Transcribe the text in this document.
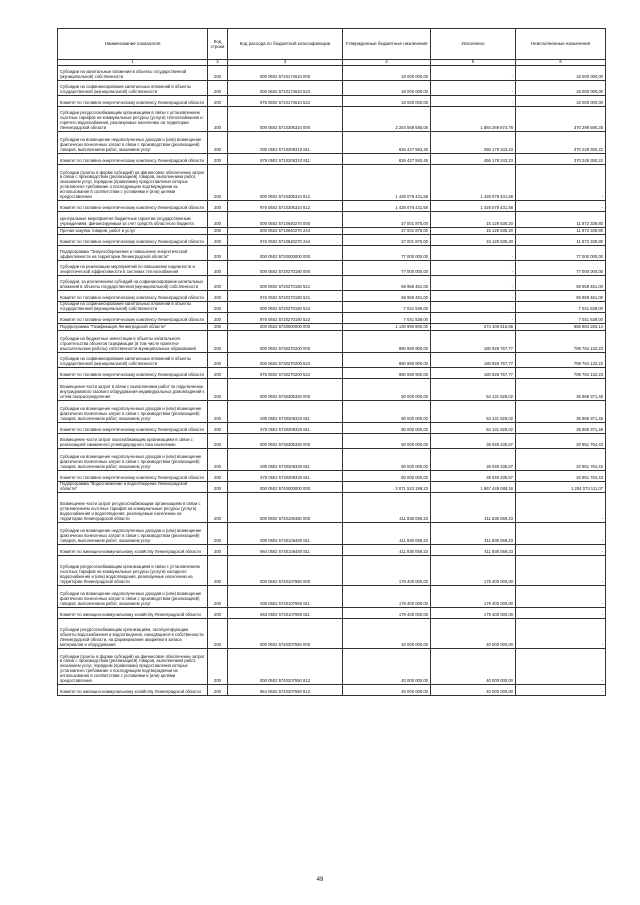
Наименование показателя	Код строки	Код расхода по бюджетной классификации	Утвержденные бюджетные назначения	Исполнено	Неисполненные назначения
1	2	3	4	5	6
Субсидии на капитальные вложения в объекты государственной (муниципальной) собственности	200	000 0502 5710174610 000	18 000 000,00	-	18 000 000,00
Субсидии на софинансирование капитальных вложений в объекты государственной (муниципальной) собственности	200	000 0502 5710174610 522	18 000 000,00	-	18 000 000,00
Комитет по топливно-энергетическому комплексу Ленинградской области	200	976 0502 5710174610 522	18 000 000,00	-	18 000 000,00
Субсидии ресурсоснабжающим организациям в связи с установлением льготных тарифов на коммунальные ресурсы (услуги) теплоснабжения и горячего водоснабжения, реализуемые населению на территории Ленинградской области	200	000 0502 5710306310 000	2 254 568 585,06	1 884 269 874,78	370 298 690,28
Субсидии на возмещение недополученных доходов и (или) возмещение фактически понесенных затрат в связи с производством (реализацией) товаров, выполнением работ, оказанием услуг	200	000 0502 5710306310 811	826 427 593,45	456 178 243,23	370 249 350,22
Комитет по топливно-энергетическому комплексу Ленинградской области	200	976 0502 5710306310 811	826 427 593,45	456 178 243,23	370 249 350,22
Субсидии (гранты в форме субсидий) на финансовое обеспечение затрат в связи с производством (реализацией) товаров, выполнением работ, оказанием услуг, порядком (правилами) предоставления которых установлено требование о последующем подтверждении их использования в соответствии с условиями и (или) целями предоставления	200	000 0502 5710306310 812	1 428 078 431,58	1 428 078 431,58	-
Комитет по топливно-энергетическому комплексу Ленинградской области	200	976 0502 5710306310 812	1 428 078 431,58	1 428 078 431,58	-
Центральные мероприятия бюджетные гарантии государственным учреждениям, финансируемым за счет средств областного бюджета	200	000 0502 5710640270 000	27 001 875,00	15 129 535,20	11 872 339,80
Прочая закупка товаров, работ и услуг	200	000 0502 5710640270 244	27 001 875,00	15 129 535,20	11 872 339,80
Комитет по топливно-энергетическому комплексу Ленинградской области	200	976 0502 5710640270 244	27 001 875,00	15 129 535,20	11 872 339,80
Подпрограмма "Энергосбережение и повышение энергетической эффективности на территории Ленинградской области"	200	000 0502 5720000000 000	77 000 000,00	-	77 000 000,00
Субсидии на реализацию мероприятий по повышению надежности и энергетической эффективности в системах теплоснабжения	200	000 0502 5720270180 000	77 000 000,00	-	77 000 000,00
Субсидии, за исключением субсидий на софинансирование капитальных вложений в объекты государственной (муниципальной) собственности	200	000 0502 5720270180 521	69 958 461,00	-	69 958 461,00
Комитет по топливно-энергетическому комплексу Ленинградской области	200	976 0502 5720270180 521	69 958 461,00	-	69 958 461,00
Субсидии на софинансирование капитальных вложений в объекты государственной (муниципальной) собственности	200	000 0502 5720270180 522	7 041 539,00	-	7 041 539,00
Комитет по топливно-энергетическому комплексу Ленинградской области	200	976 0502 5720270180 522	7 041 539,00	-	7 041 539,00
Подпрограмма "Газификация Ленинградской области"	200	000 0502 5730000000 000	1 130 990 900,00	274 106 616,86	856 884 283,14
Субсидии на бюджетные инвестиции в объекты капитального строительства объектов газификации (в том числе проектно-изыскательские работы) собственности муниципальных образований	200	000 0502 5730270200 000	980 690 900,00	180 926 767,77	799 764 132,23
Субсидии на софинансирование капитальных вложений в объекты государственной (муниципальной) собственности	200	000 0502 5730270200 522	980 690 900,00	180 926 767,77	799 764 132,23
Комитет по топливно-энергетическому комплексу Ленинградской области	200	976 0502 5730270200 522	980 690 900,00	180 926 767,77	799 764 132,23
Возмещение части затрат в связи с выполнением работ по подключению внутридомового газового оборудования индивидуальных домовладений к сетям газораспределения	200	000 0502 5730306320 000	90 000 000,00	54 131 628,02	35 868 371,48
Субсидии на возмещение недополученных доходов и (или) возмещение фактически понесенных затрат в связи с производством (реализацией) товаров, выполнением работ, оказанием услуг	200	000 0502 5730306320 811	90 000 000,00	54 131 628,02	35 868 371,48
Комитет по топливно-энергетическому комплексу Ленинградской области	200	976 0502 5730306320 811	90 000 000,00	54 131 628,02	35 868 371,48
Возмещение части затрат газоснабжающим организациям в связи с реализацией сжиженного углеводородного газа населению	200	000 0502 5730306330 000	60 000 000,00	39 049 235,57	20 951 764,43
Субсидии на возмещение недополученных доходов и (или) возмещение фактически понесенных затрат в связи с производством (реализацией) товаров, выполнением работ, оказанием услуг	200	000 0502 5730306330 811	60 000 000,00	39 049 235,57	20 951 764,43
Комитет по топливно-энергетическому комплексу Ленинградской области	200	976 0502 5730306330 811	60 000 000,00	39 049 235,57	20 951 764,43
Подпрограмма "Водоснабжение и водоотведение Ленинградской области"	200	000 0502 5740000000 000	3 071 522 199,23	1 867 449 088,16	1 204 073 111,07
Возмещение части затрат ресурсоснабжающим организациям в связи с установлением льготных тарифов на коммунальные ресурсы (услуги) водоснабжения и водоотведения, реализуемые населению на территории Ленинградской области	200	000 0502 5740106480 000	411 836 059,23	411 836 059,23	-
Субсидии на возмещение недополученных доходов и (или) возмещение фактически понесенных затрат в связи с производством (реализацией) товаров, выполнением работ, оказанием услуг	200	000 0502 5740106480 811	411 836 059,23	411 836 059,23	-
Комитет по жилищно-коммунальному хозяйству Ленинградской области	200	964 0502 5740106480 811	411 836 059,23	411 836 059,23	-
Субсидии ресурсоснабжающим организациям в связи с установлением льготных тарифов на коммунальные ресурсы (услуги) холодного водоснабжения и (или) водоотведения, реализуемые населению на территории Ленинградской области	200	000 0502 5740107960 000	179 400 000,00	179 400 000,00	-
Субсидии на возмещение недополученных доходов и (или) возмещение фактически понесенных затрат в связи с производством (реализацией) товаров, выполнением работ, оказанием услуг	200	000 0502 5740107960 811	179 400 000,00	179 400 000,00	-
Комитет по жилищно-коммунальному хозяйству Ленинградской области	200	964 0502 5740107960 811	179 400 000,00	179 400 000,00	-
Субсидии ресурсоснабжающим организациям, эксплуатирующим объекты водоснабжения и водоотведения, находящиеся в собственности Ленинградской области, на формирование аварийного запаса материалов и оборудования	200	000 0502 5740207550 000	40 000 000,00	40 000 000,00	-
Субсидии (гранты в форме субсидий) на финансовое обеспечение затрат в связи с производством (реализацией) товаров, выполнением работ, оказанием услуг, порядком (правилами) предоставления которых установлено требование о последующем подтверждении их использования в соответствии с условиями и (или) целями предоставления	200	000 0502 5740207550 812	40 000 000,00	40 000 000,00	-
Комитет по жилищно-коммунальному хозяйству Ленинградской области	200	964 0502 5740207550 812	40 000 000,00	40 000 000,00	-
49
